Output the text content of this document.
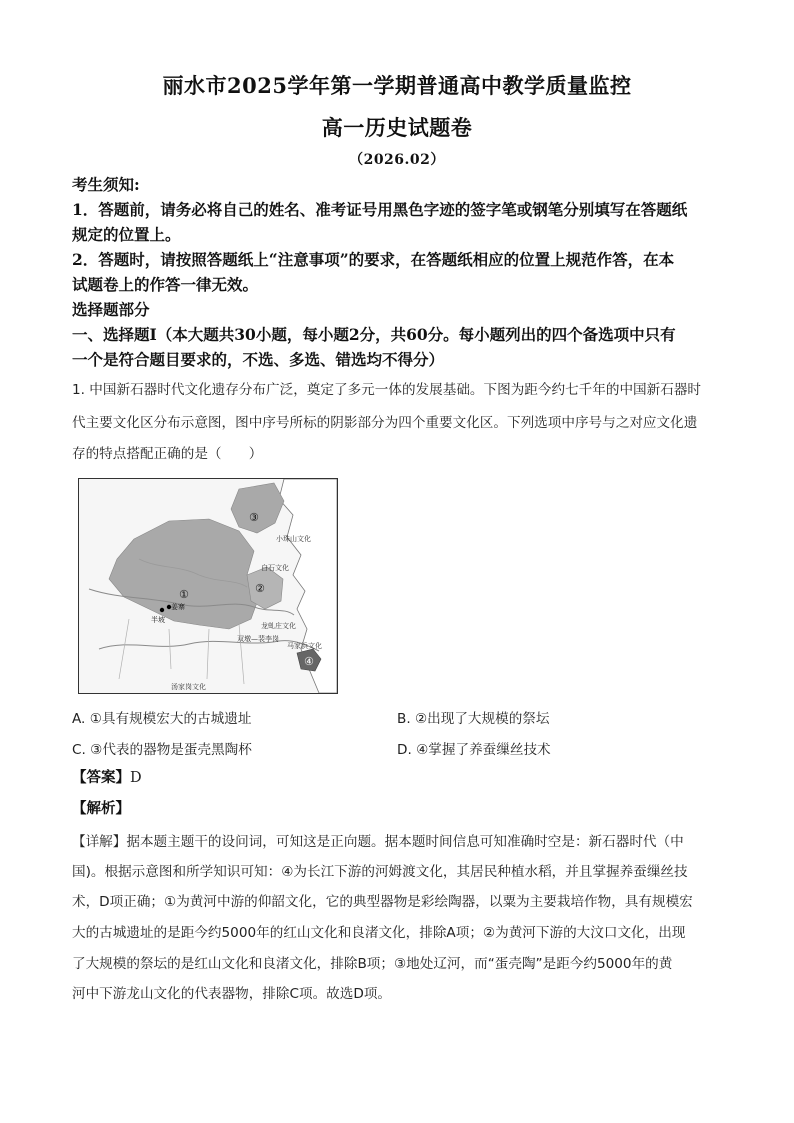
丽水市2025学年第一学期普通高中教学质量监控
高一历史试题卷
（2026.02）
考生须知:
1．答题前，请务必将自己的姓名、准考证号用黑色字迹的签字笔或钢笔分别填写在答题纸
规定的位置上。
2．答题时，请按照答题纸上“注意事项”的要求，在答题纸相应的位置上规范作答，在本
试题卷上的作答一律无效。
选择题部分
一、选择题Ⅰ（本大题共30小题，每小题2分，共60分。每小题列出的四个备选项中只有
一个是符合题目要求的，不选、多选、错选均不得分）
1. 中国新石器时代文化遗存分布广泛，奠定了多元一体的发展基础。下图为距今约七千年的中国新石器时
代主要文化区分布示意图，图中序号所标的阴影部分为四个重要文化区。下列选项中序号与之对应文化遗
存的特点搭配正确的是（　　）
小珠山文化
白石文化
龙虬庄文化
双墩—裴李岗
马家浜文化
汤家岗文化
姜寨
半坡
①	②
③
④
A. ①具有规模宏大的古城遗址	B. ②出现了大规模的祭坛
C. ③代表的器物是蛋壳黑陶杯	D. ④掌握了养蚕缫丝技术
【答案】D
【解析】
【详解】据本题主题干的设问词，可知这是正向题。据本题时间信息可知准确时空是：新石器时代（中
国)。根据示意图和所学知识可知：④为长江下游的河姆渡文化，其居民种植水稻，并且掌握养蚕缫丝技
术，D项正确；①为黄河中游的仰韶文化，它的典型器物是彩绘陶器，以粟为主要栽培作物，具有规模宏
大的古城遗址的是距今约5000年的红山文化和良渚文化，排除A项；②为黄河下游的大汶口文化，出现
了大规模的祭坛的是红山文化和良渚文化，排除B项；③地处辽河，而“蛋壳陶”是距今约5000年的黄
河中下游龙山文化的代表器物，排除C项。故选D项。
